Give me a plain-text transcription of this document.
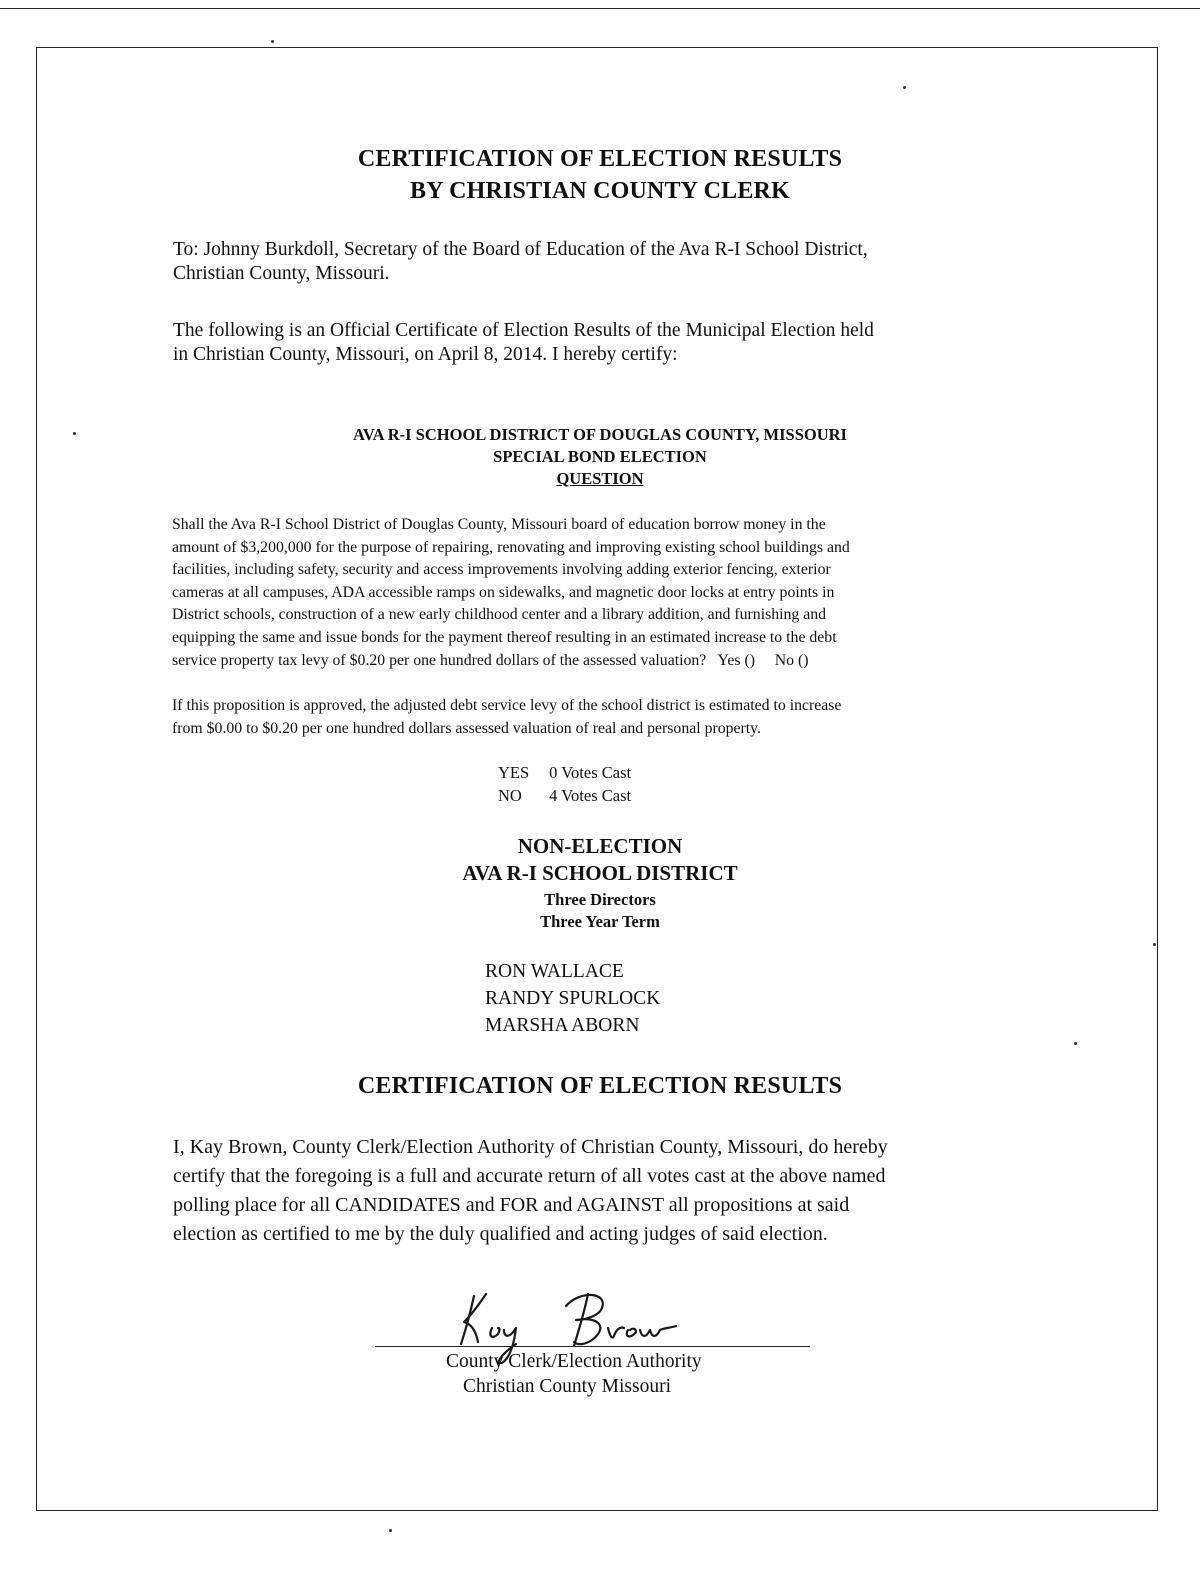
CERTIFICATION OF ELECTION RESULTS
BY CHRISTIAN COUNTY CLERK
To: Johnny Burkdoll, Secretary of the Board of Education of the Ava R-I School District,
Christian County, Missouri.
The following is an Official Certificate of Election Results of the Municipal Election held
in Christian County, Missouri, on April 8, 2014. I hereby certify:
AVA R-I SCHOOL DISTRICT OF DOUGLAS COUNTY, MISSOURI
SPECIAL BOND ELECTION
QUESTION
Shall the Ava R-I School District of Douglas County, Missouri board of education borrow money in the
amount of $3,200,000 for the purpose of repairing, renovating and improving existing school buildings and
facilities, including safety, security and access improvements involving adding exterior fencing, exterior
cameras at all campuses, ADA accessible ramps on sidewalks, and magnetic door locks at entry points in
District schools, construction of a new early childhood center and a library addition, and furnishing and
equipping the same and issue bonds for the payment thereof resulting in an estimated increase to the debt
service property tax levy of $0.20 per one hundred dollars of the assessed valuation?   Yes ()     No ()
If this proposition is approved, the adjusted debt service levy of the school district is estimated to increase
from $0.00 to $0.20 per one hundred dollars assessed valuation of real and personal property.
YES	0 Votes Cast
NO	4 Votes Cast
NON-ELECTION
AVA R-I SCHOOL DISTRICT
Three Directors
Three Year Term
RON WALLACE
RANDY SPURLOCK
MARSHA ABORN
CERTIFICATION OF ELECTION RESULTS
I, Kay Brown, County Clerk/Election Authority of Christian County, Missouri, do hereby
certify that the foregoing is a full and accurate return of all votes cast at the above named
polling place for all CANDIDATES and FOR and AGAINST all propositions at said
election as certified to me by the duly qualified and acting judges of said election.
County Clerk/Election Authority
Christian County Missouri
